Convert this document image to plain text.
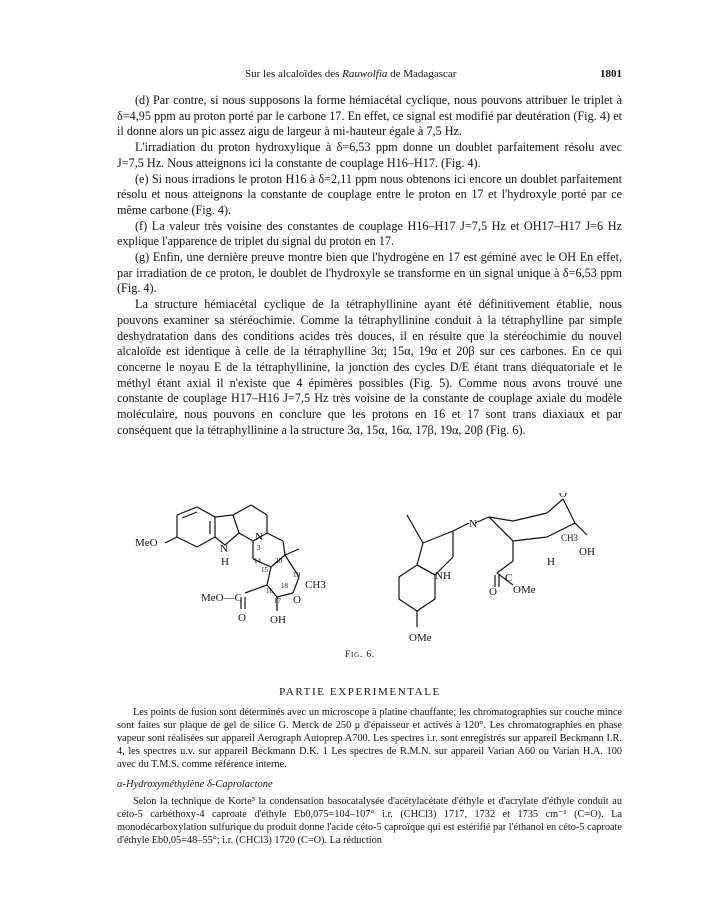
Sur les alcaloïdes des Rauwolfia de Madagascar	1801

(d) Par contre, si nous supposons la forme hémiacétal cyclique, nous pouvons attribuer le triplet à δ=4,95 ppm au proton porté par le carbone 17. En effet, ce signal est modifié par deutération (Fig. 4) et il donne alors un pic assez aigu de largeur à mi-hauteur égale à 7,5 Hz.

L'irradiation du proton hydroxylique à δ=6,53 ppm donne un doublet parfaitement résolu avec J=7,5 Hz. Nous atteignons ici la constante de couplage H16–H17. (Fig. 4).

(e) Si nous irradions le proton H16 à δ=2,11 ppm nous obtenons ici encore un doublet parfaitement résolu et nous atteignons la constante de couplage entre le proton en 17 et l'hydroxyle porté par ce même carbone (Fig. 4).

(f) La valeur très voisine des constantes de couplage H16–H17 J=7,5 Hz et OH17–H17 J=6 Hz explique l'apparence de triplet du signal du proton en 17.

(g) Enfin, une dernière preuve montre bien que l'hydrogène en 17 est géminé avec le OH En effet, par irradiation de ce proton, le doublet de l'hydroxyle se transforme en un signal unique à δ=6,53 ppm (Fig. 4).

La structure hémiacétal cyclique de la tétraphyllinine ayant été définitivement établie, nous pouvons examiner sa stéréochimie. Comme la tétraphyllinine conduit à la tétraphylline par simple deshydratation dans des conditions acides très douces, il en résulte que la stéréochimie du nouvel alcaloïde est identique à celle de la tétraphylline 3α; 15α, 19α et 20β sur ces carbones. En ce qui concerne le noyau E de la tétraphyllinine, la jonction des cycles D/E étant trans diéquatoriale et le méthyl étant axial il n'existe que 4 épimères possibles (Fig. 5). Comme nous avons trouvé une constante de couplage H17–H16 J=7,5 Hz très voisine de la constante de couplage axiale du modèle moléculaire, nous pouvons en conclure que les protons en 16 et 17 sont trans diaxiaux et par conséquent que la tétraphyllinine a la structure 3α, 15α, 16α, 17β, 19α, 20β (Fig. 6).

MeO	N
H
N
3
14
15
20
19
16
18
17
CH3
O
MeO—C
O OH
N
NH
O
CH3
OH
H
C
O OMe
OMe
Fig. 6.
PARTIE EXPERIMENTALE

Les points de fusion sont déterminés avec un microscope à platine chauffante; les chromatographies sur couche mince sont faites sur plaque de gel de silice G. Merck de 250 μ d'épaisseur et activés à 120°. Les chromatographies en phase vapeur sont réalisées sur appareil Aerograph Autoprep A700. Les spectres i.r. sont enregistrés sur appareil Beckmann I.R. 4, les spectres u.v. sur appareil Beckmann D.K. 1 Les spectres de R.M.N. sur appareil Varian A60 ou Varian H.A. 100 avec du T.M.S. comme référence interne.

α-Hydroxyméthylène δ-Caprolactone

Selon la technique de Korte³ la condensation basocatalysée d'acétylacétate d'éthyle et d'acrylate d'éthyle conduit au céto-5 carbéthoxy-4 caproate d'éthyle Eb0,075=104–107° i.r. (CHCl3) 1717, 1732 et 1735 cm⁻¹ (C=O). La monodécarboxylation sulfurique du produit donne l'acide céto-5 caproïque qui est estérifié par l'éthanol en céto-5 caproate d'éthyle Eb0,05=48–55°; i.r. (CHCl3) 1720 (C=O). La réduction
